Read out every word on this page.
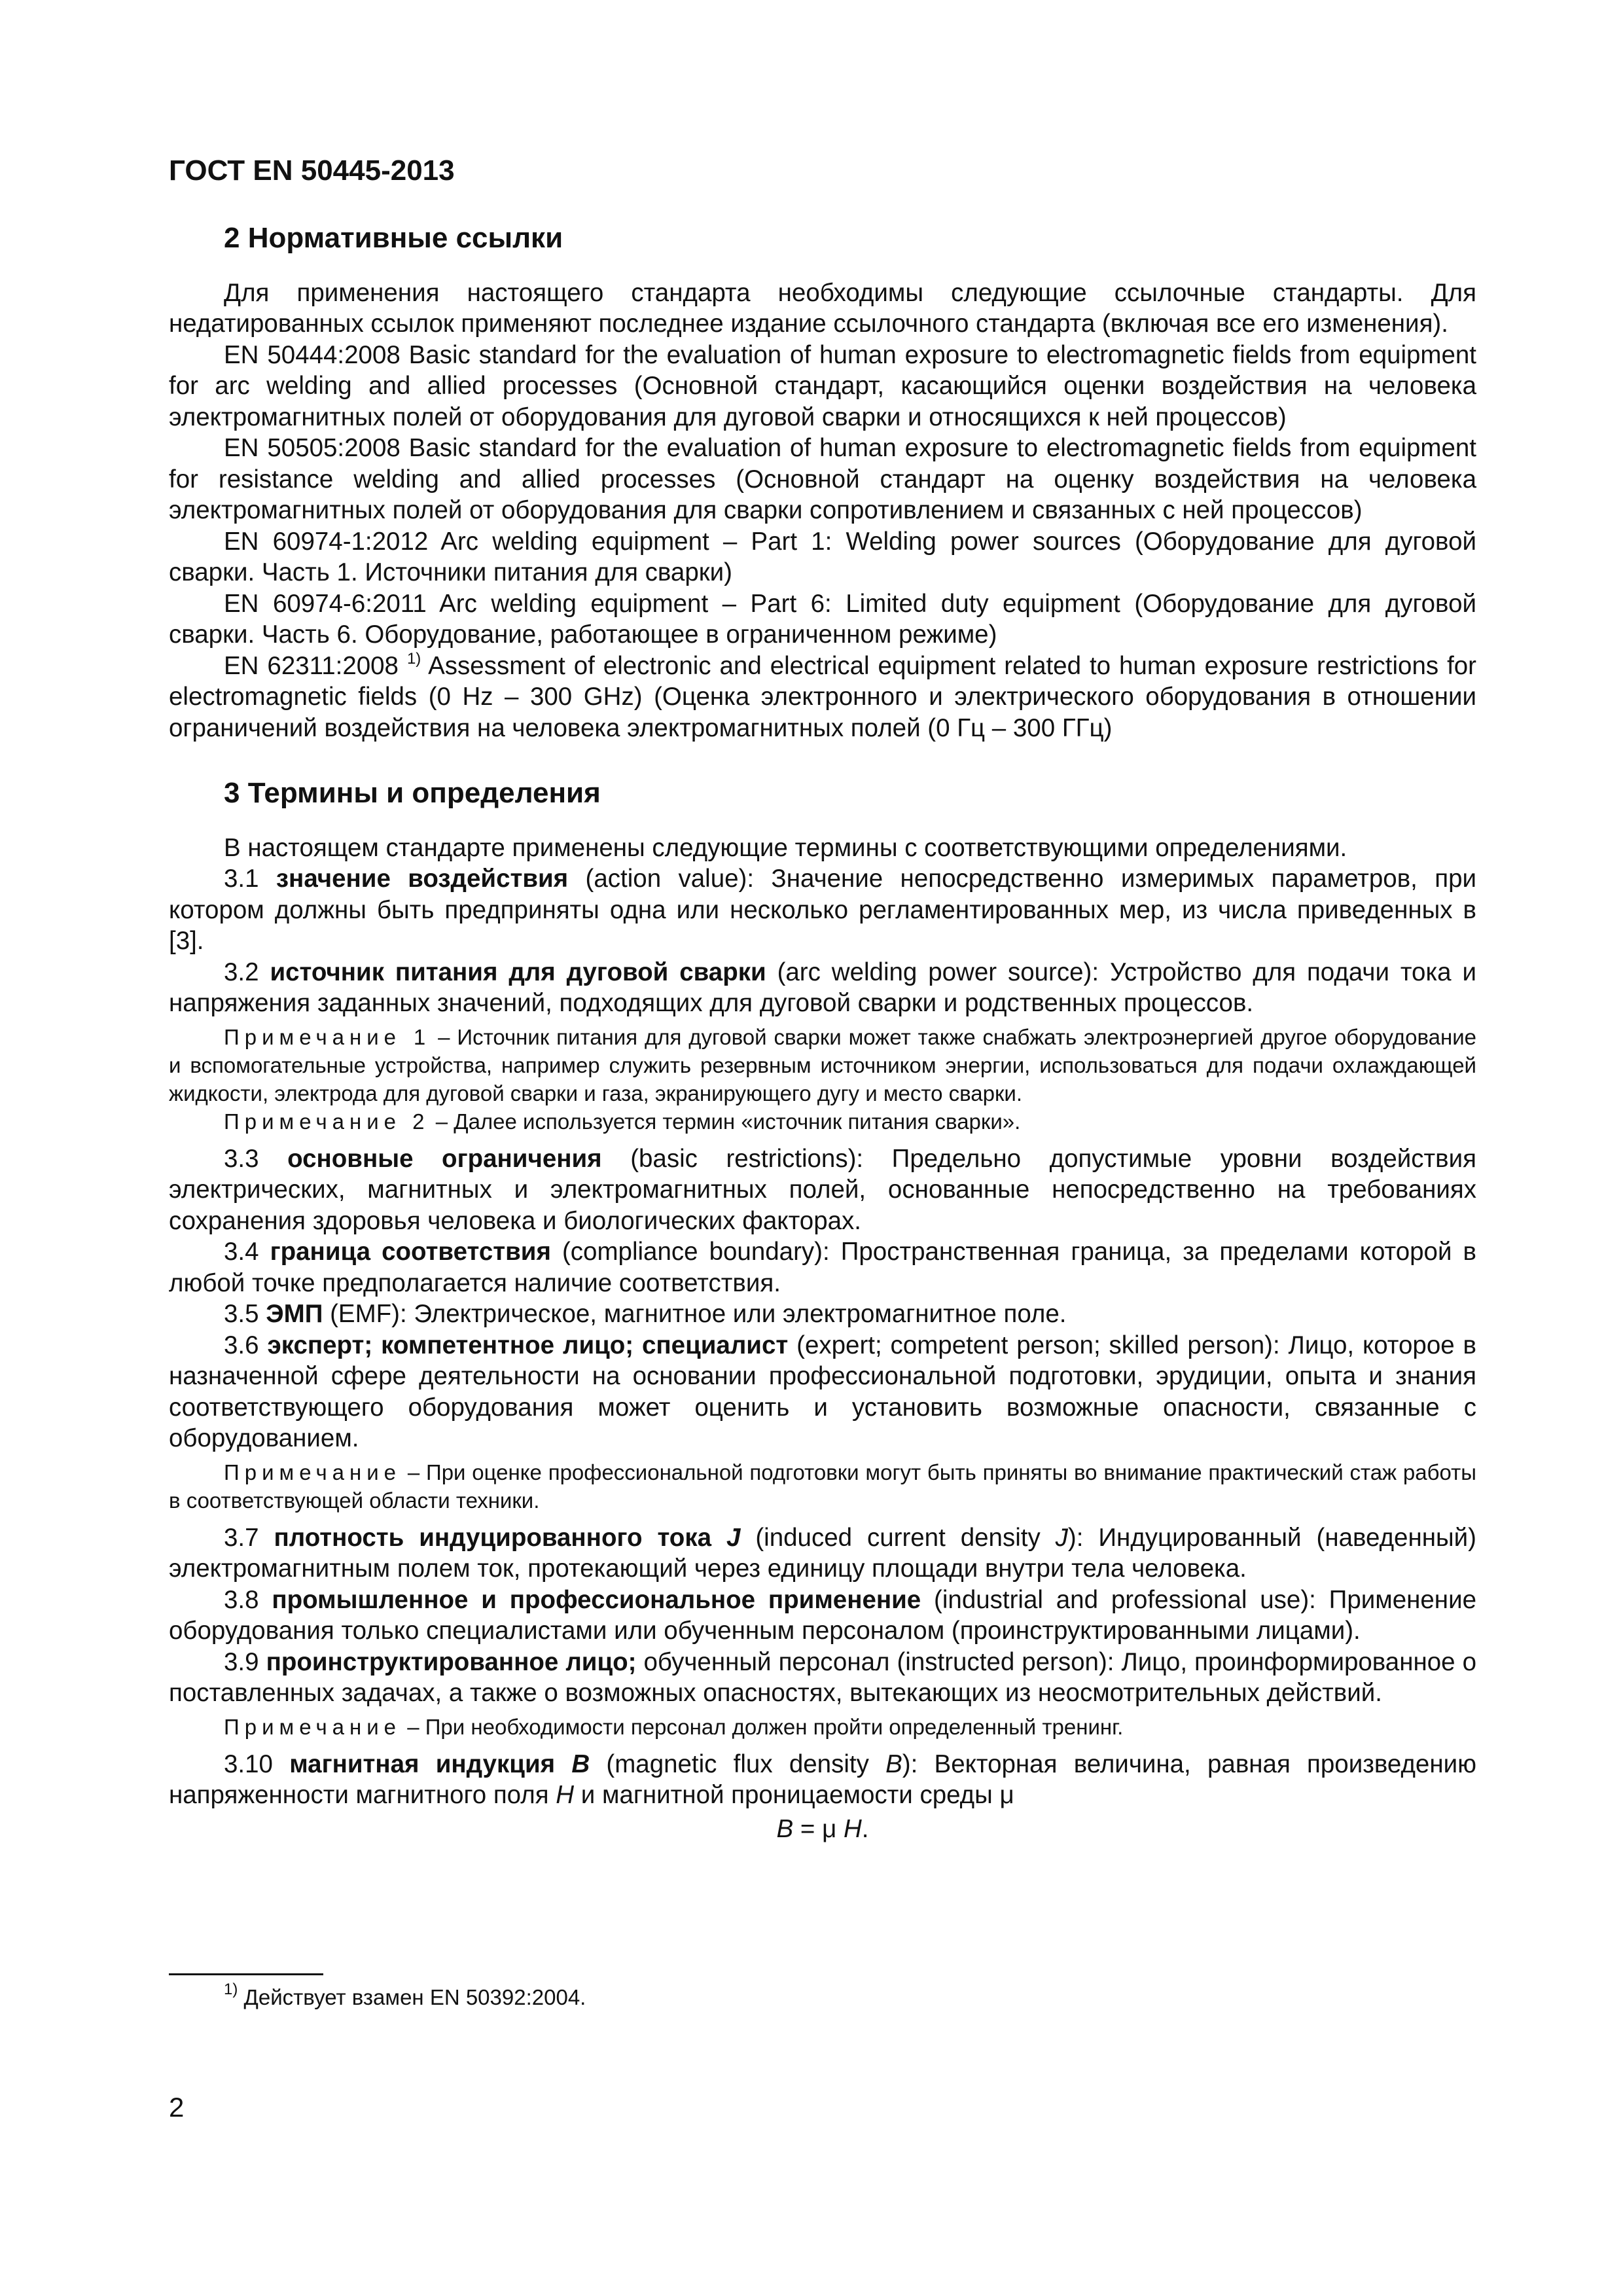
ГОСТ EN 50445-2013
2 Нормативные ссылки

Для применения настоящего стандарта необходимы следующие ссылочные стандарты. Для недатированных ссылок применяют последнее издание ссылочного стандарта (включая все его изменения).

EN 50444:2008 Basic standard for the evaluation of human exposure to electromagnetic fields from equipment for arc welding and allied processes (Основной стандарт, касающийся оценки воздействия на человека электромагнитных полей от оборудования для дуговой сварки и относящихся к ней процессов)

EN 50505:2008 Basic standard for the evaluation of human exposure to electromagnetic fields from equipment for resistance welding and allied processes (Основной стандарт на оценку воздействия на человека электромагнитных полей от оборудования для сварки сопротивлением и связанных с ней процессов)

EN 60974-1:2012 Arc welding equipment – Part 1: Welding power sources (Оборудование для дуговой сварки. Часть 1. Источники питания для сварки)

EN 60974-6:2011 Arc welding equipment – Part 6: Limited duty equipment (Оборудование для дуговой сварки. Часть 6. Оборудование, работающее в ограниченном режиме)

EN 62311:2008 $^{1)}$ Assessment of electronic and electrical equipment related to human exposure restrictions for electromagnetic fields (0 Hz – 300 GHz) (Оценка электронного и электрического оборудования в отношении ограничений воздействия на человека электромагнитных полей (0 Гц – 300 ГГц)

3 Термины и определения

В настоящем стандарте применены следующие термины с соответствующими определениями.

3.1 значение воздействия (action value): Значение непосредственно измеримых параметров, при котором должны быть предприняты одна или несколько регламентированных мер, из числа приведенных в [3].

3.2 источник питания для дуговой сварки (arc welding power source): Устройство для подачи тока и напряжения заданных значений, подходящих для дуговой сварки и родственных процессов.

Примечание 1 – Источник питания для дуговой сварки может также снабжать электроэнергией другое оборудование и вспомогательные устройства, например служить резервным источником энергии, использоваться для подачи охлаждающей жидкости, электрода для дуговой сварки и газа, экранирующего дугу и место сварки.

Примечание 2 – Далее используется термин «источник питания сварки».

3.3 основные ограничения (basic restrictions): Предельно допустимые уровни воздействия электрических, магнитных и электромагнитных полей, основанные непосредственно на требованиях сохранения здоровья человека и биологических факторах.

3.4 граница соответствия (compliance boundary): Пространственная граница, за пределами которой в любой точке предполагается наличие соответствия.

3.5 ЭМП (EMF): Электрическое, магнитное или электромагнитное поле.

3.6 эксперт; компетентное лицо; специалист (expert; competent person; skilled person): Лицо, которое в назначенной сфере деятельности на основании профессиональной подготовки, эрудиции, опыта и знания соответствующего оборудования может оценить и установить возможные опасности, связанные с оборудованием.

Примечание – При оценке профессиональной подготовки могут быть приняты во внимание практический стаж работы в соответствующей области техники.

3.7 плотность индуцированного тока J (induced current density J): Индуцированный (наведенный) электромагнитным полем ток, протекающий через единицу площади внутри тела человека.

3.8 промышленное и профессиональное применение (industrial and professional use): Применение оборудования только специалистами или обученным персоналом (проинструктированными лицами).

3.9 проинструктированное лицо; обученный персонал (instructed person): Лицо, проинформированное о поставленных задачах, а также о возможных опасностях, вытекающих из неосмотрительных действий.

Примечание – При необходимости персонал должен пройти определенный тренинг.

3.10 магнитная индукция B (magnetic flux density B): Векторная величина, равная произведению напряженности магнитного поля H и магнитной проницаемости среды μ

B = μ H.

$^{1)}$ Действует взамен EN 50392:2004.
2
